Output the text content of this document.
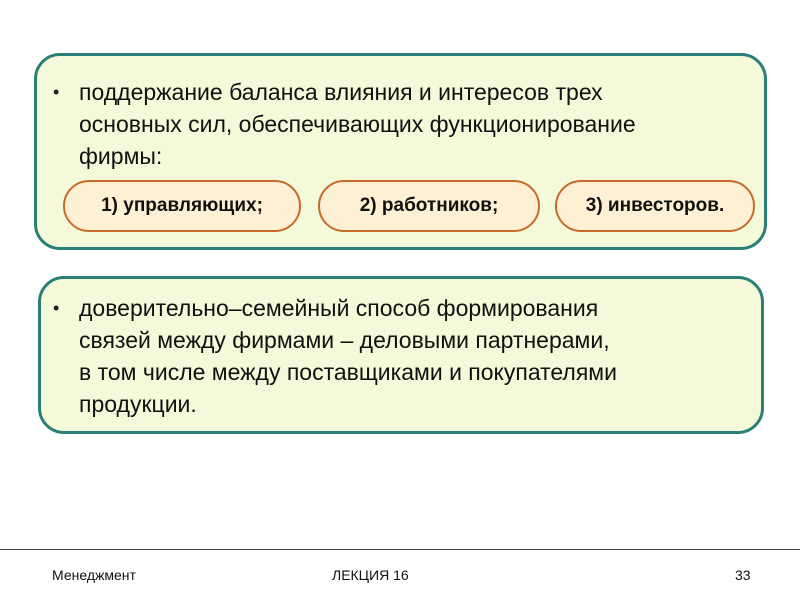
• поддержание баланса влияния и интересов трех
основных сил, обеспечивающих функционирование
фирмы:
1) управляющих;	2) работников;	3) инвесторов.
• доверительно–семейный способ формирования
связей между фирмами – деловыми партнерами,
в том числе между поставщиками и покупателями
продукции.
Менеджмент	ЛЕКЦИЯ 16	33
